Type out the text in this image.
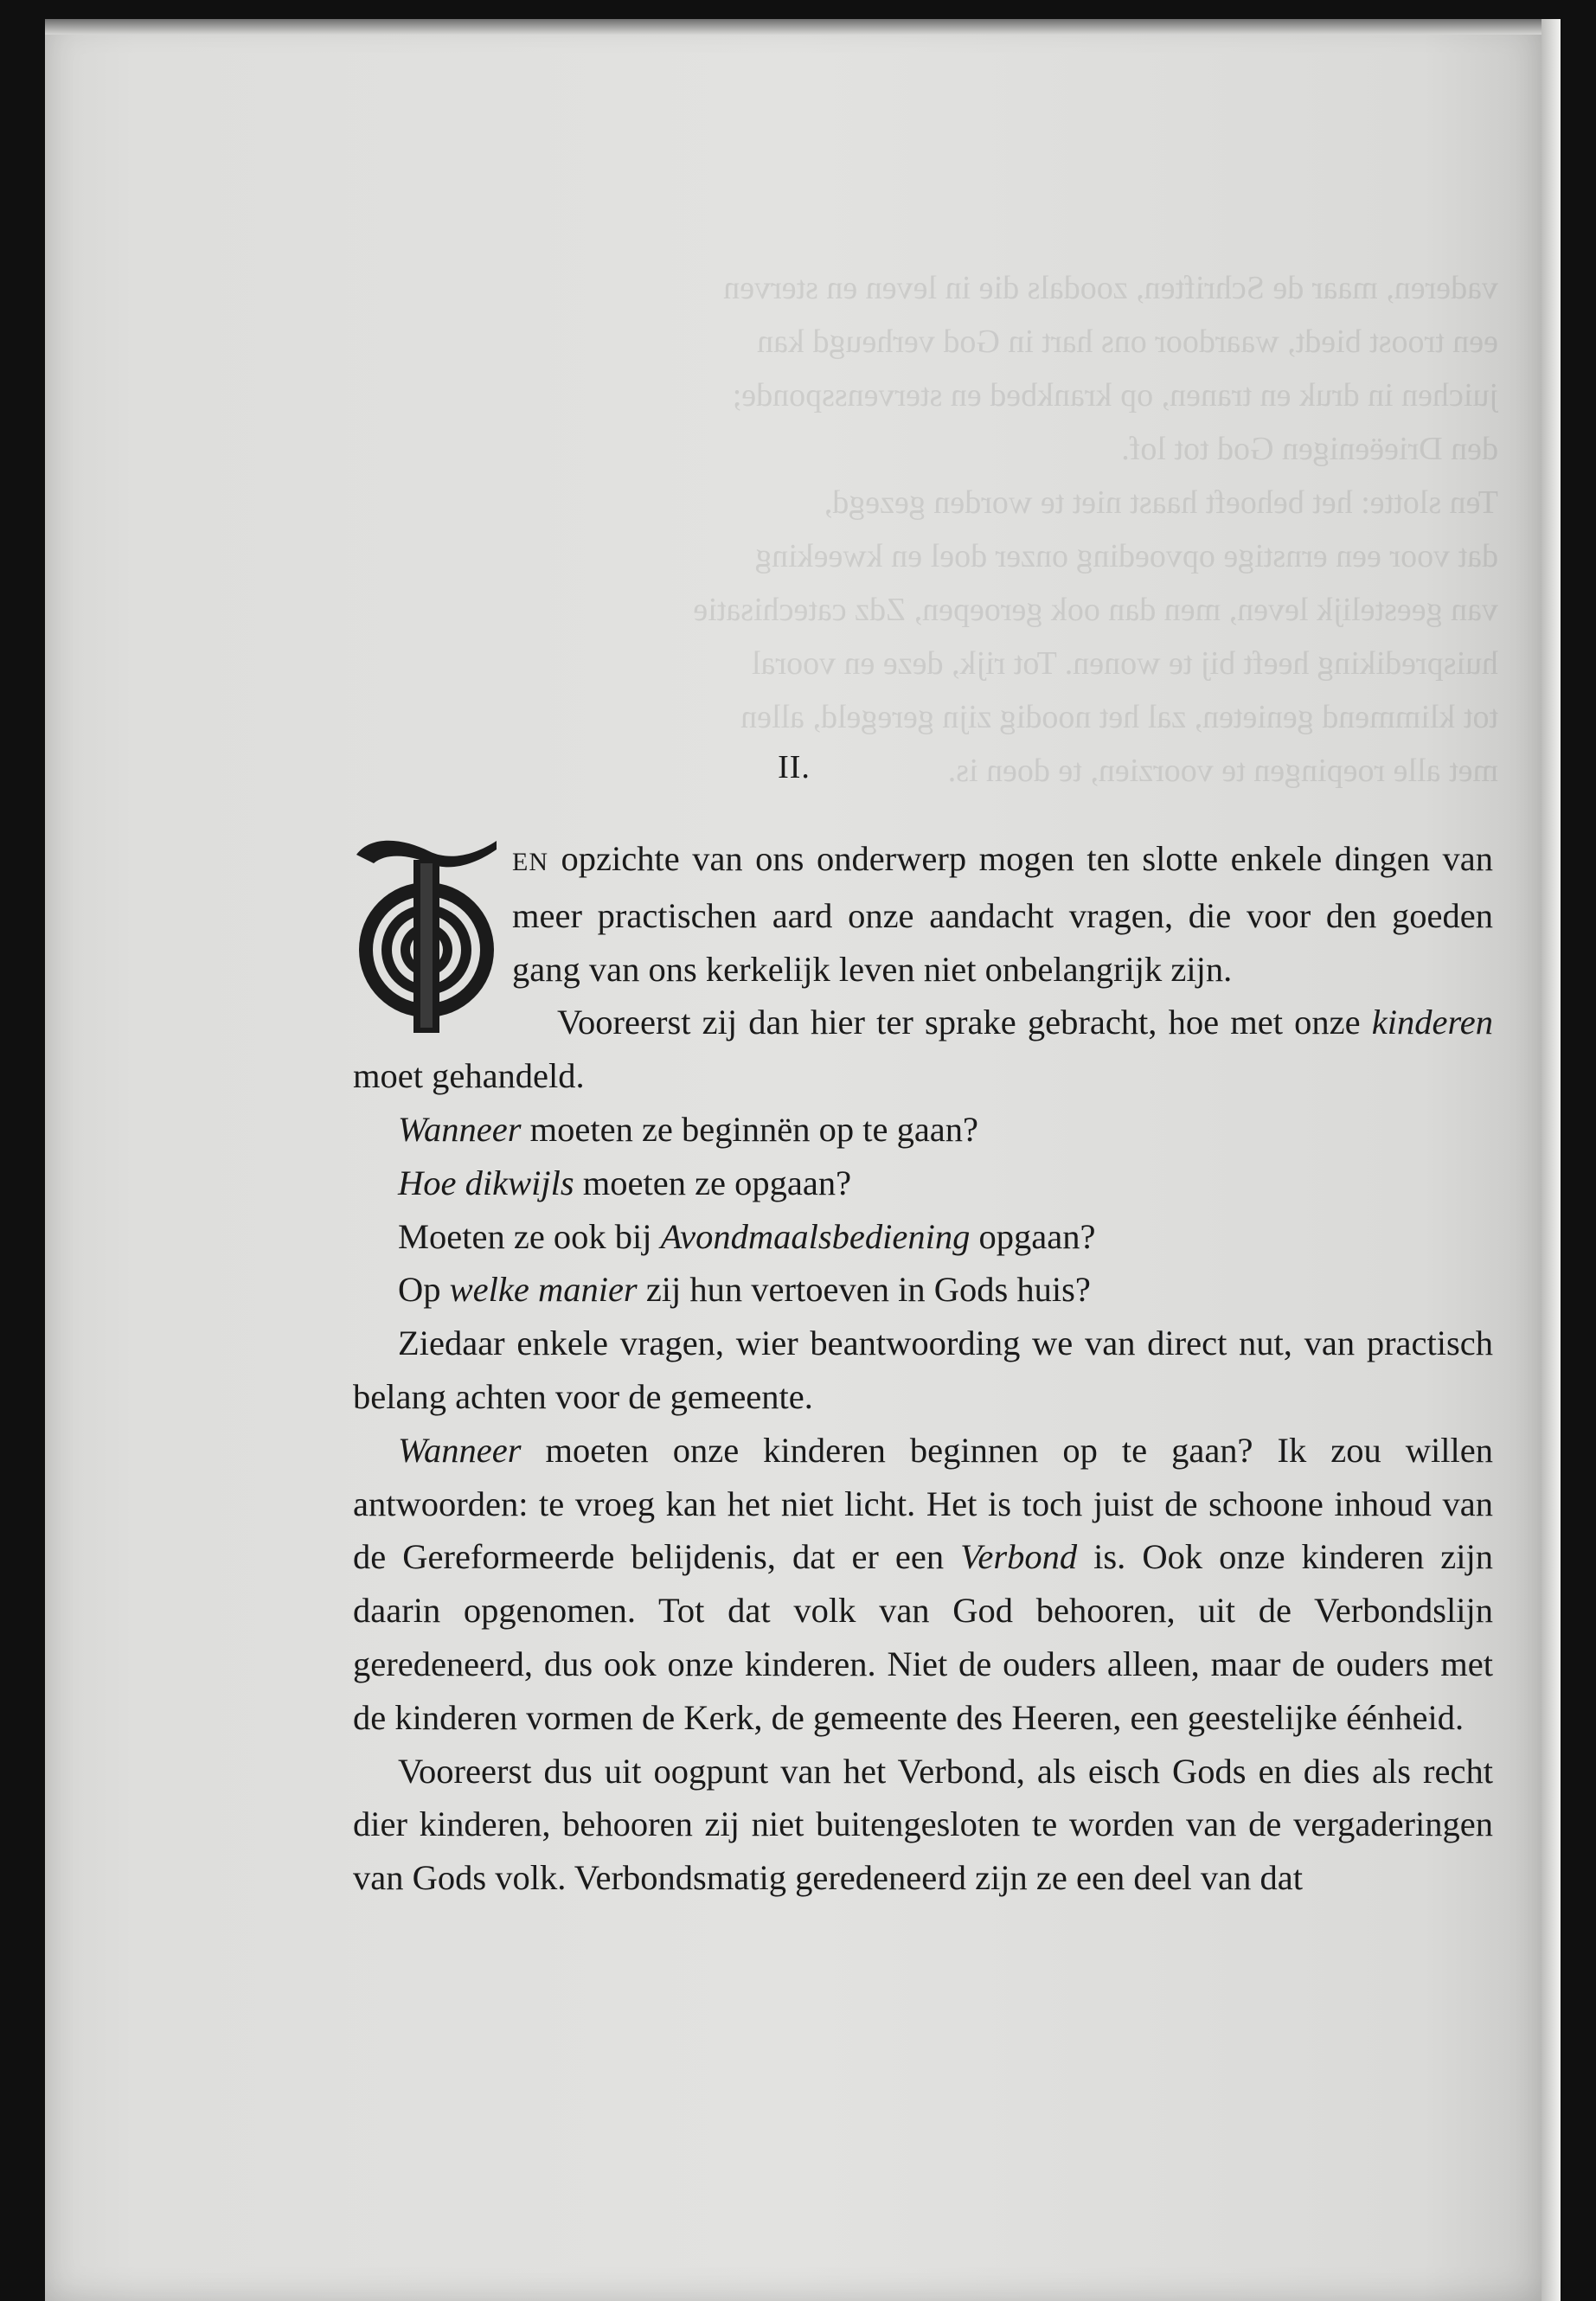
vaderen, maar de Schriften, zoodals die in leven en sterven
een troost biedt, waardoor ons hart in God verheugd kan
juichen in druk en tranen, op krankbed en stervenssponde;
den Drieëenigen God tot lof.
Ten slotte: het behoeft haast niet te worden gezegd,
dat voor een ernstige opvoeding onzer doel en kweeking
van geestelijk leven, men dan ook geroepen, Zdz catechisatie
huisprediking heeft bij te wonen. Tot rijk, deze en vooral
tot klimmend genieten, zal het noodig zijn geregeld, allen
met alle roepingen te voorzien, te doen is.
II.

EN opzichte van ons onderwerp mogen ten slotte enkele dingen van meer practischen aard onze aandacht vragen, die voor den goeden gang van ons kerkelijk leven niet onbelangrijk zijn.

Vooreerst zij dan hier ter sprake gebracht, hoe met onze kinderen moet gehandeld.

Wanneer moeten ze beginnën op te gaan?

Hoe dikwijls moeten ze opgaan?

Moeten ze ook bij Avondmaalsbediening opgaan?

Op welke manier zij hun vertoeven in Gods huis?

Ziedaar enkele vragen, wier beantwoording we van direct nut, van practisch belang achten voor de gemeente.

Wanneer moeten onze kinderen beginnen op te gaan? Ik zou willen antwoorden: te vroeg kan het niet licht. Het is toch juist de schoone inhoud van de Gereformeerde belijdenis, dat er een Verbond is. Ook onze kinderen zijn daarin opgenomen. Tot dat volk van God behooren, uit de Verbondslijn geredeneerd, dus ook onze kinderen. Niet de ouders alleen, maar de ouders met de kinderen vormen de Kerk, de gemeente des Heeren, een geestelijke éénheid.

Vooreerst dus uit oogpunt van het Verbond, als eisch Gods en dies als recht dier kinderen, behooren zij niet buitengesloten te worden van de vergaderingen van Gods volk. Verbondsmatig geredeneerd zijn ze een deel van dat
